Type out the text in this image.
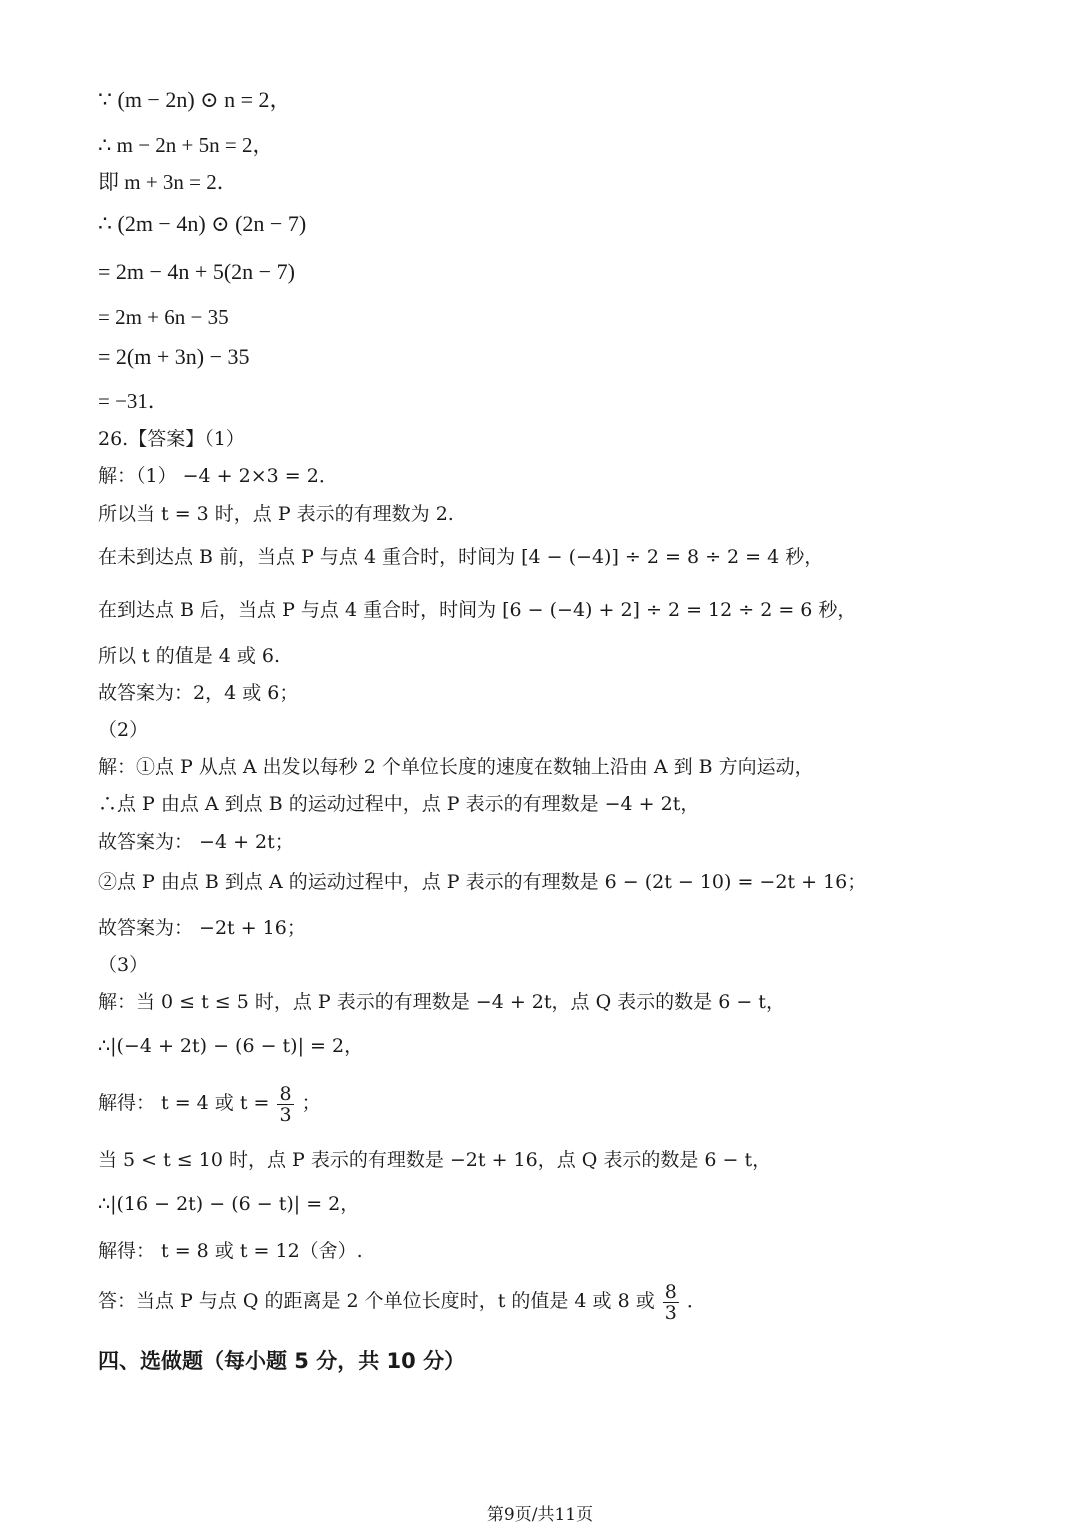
∵ (m − 2n) ⊙ n = 2，
∴ m − 2n + 5n = 2，
即 m + 3n = 2．
∴ (2m − 4n) ⊙ (2n − 7)
= 2m − 4n + 5(2n − 7)
= 2m + 6n − 35
= 2(m + 3n) − 35
= −31．
26.【答案】（1）
解：（1） −4 + 2×3 = 2．
所以当 t = 3 时，点 P 表示的有理数为 2.
在未到达点 B 前，当点 P 与点 4 重合时，时间为 [4 − (−4)] ÷ 2 = 8 ÷ 2 = 4 秒，
在到达点 B 后，当点 P 与点 4 重合时，时间为 [6 − (−4) + 2] ÷ 2 = 12 ÷ 2 = 6 秒，
所以 t 的值是 4 或 6.
故答案为：2，4 或 6；
（2）
解：①点 P 从点 A 出发以每秒 2 个单位长度的速度在数轴上沿由 A 到 B 方向运动，
∴点 P 由点 A 到点 B 的运动过程中，点 P 表示的有理数是 −4 + 2t，
故答案为： −4 + 2t；
②点 P 由点 B 到点 A 的运动过程中，点 P 表示的有理数是 6 − (2t − 10) = −2t + 16；
故答案为： −2t + 16；
（3）
解：当 0 ≤ t ≤ 5 时，点 P 表示的有理数是 −4 + 2t，点 Q 表示的数是 6 − t，
∴|(−4 + 2t) − (6 − t)| = 2，
解得： t = 4 或 $t = \frac{8}{3}$ ；
当 5 < t ≤ 10 时，点 P 表示的有理数是 −2t + 16，点 Q 表示的数是 6 − t，
∴|(16 − 2t) − (6 − t)| = 2，
解得： t = 8 或 t = 12（舍）.
答：当点 P 与点 Q 的距离是 2 个单位长度时，t 的值是 4 或 8 或 $\frac{8}{3}$ ．
四、选做题（每小题 5 分，共 10 分）
第9页/共11页
